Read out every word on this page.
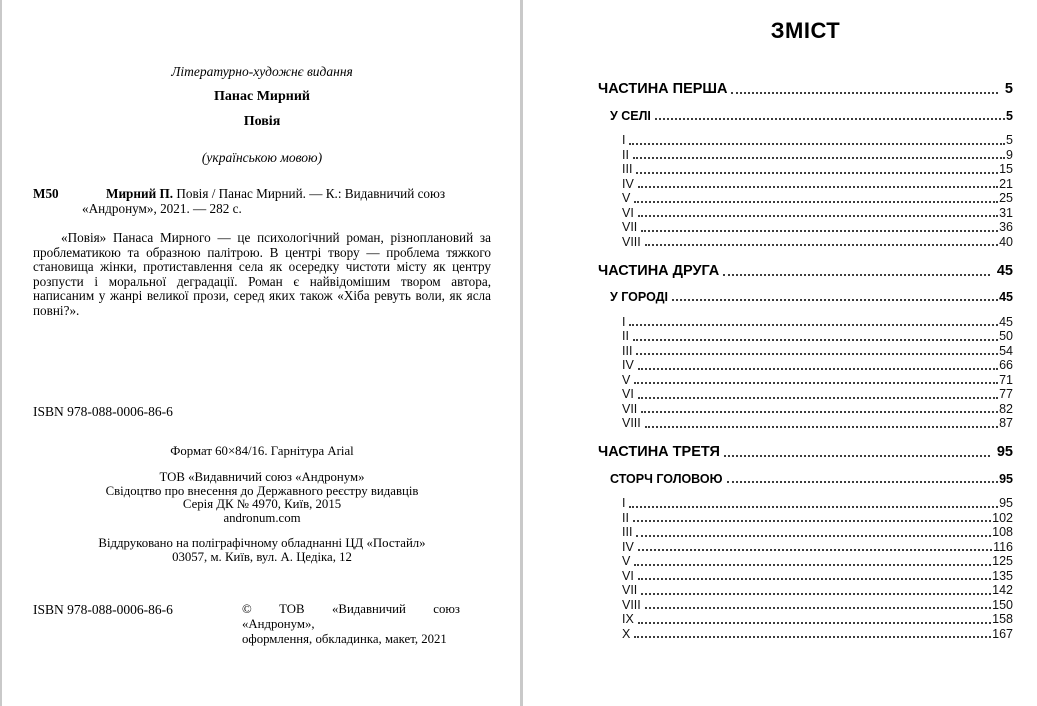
Літературно-художнє видання
Панас Мирний
Повія
(українською мовою)
М50	Мирний П. Повія / Панас Мирний. — К.: Видавничий союз «Андронум», 2021. — 282 с.
«Повія» Панаса Мирного — це психологічний роман, різноплановий за проблематикою та образною палітрою. В центрі твору — проблема тяжкого становища жінки, протиставлення села як осередку чистоти місту як центру розпусти і моральної деградації. Роман є найвідомішим твором автора, написаним у жанрі великої прози, серед яких також «Хіба ревуть воли, як ясла повні?».
ISBN 978-088-0006-86-6
Формат 60×84/16. Гарнітура Arial
ТОВ «Видавничий союз «Андронум»
Свідоцтво про внесення до Державного реєстру видавців
Серія ДК № 4970, Київ, 2015
andronum.com
Віддруковано на поліграфічному обладнанні ЦД «Постайл»
03057, м. Київ, вул. А. Цедіка, 12
ISBN 978-088-0006-86-6	© ТОВ «Видавничий союз «Андронум»,
оформлення, обкладинка, макет, 2021
ЗМІСТ
ЧАСТИНА ПЕРША	5
У СЕЛІ	5
I	5
II	9
III	15
IV	21
V	25
VI	31
VII	36
VIII	40
ЧАСТИНА ДРУГА	45
У ГОРОДІ	45
I	45
II	50
III	54
IV	66
V	71
VI	77
VII	82
VIII	87
ЧАСТИНА ТРЕТЯ	95
СТОРЧ ГОЛОВОЮ	95
I	95
II	102
III	108
IV	116
V	125
VI	135
VII	142
VIII	150
IX	158
X	167
